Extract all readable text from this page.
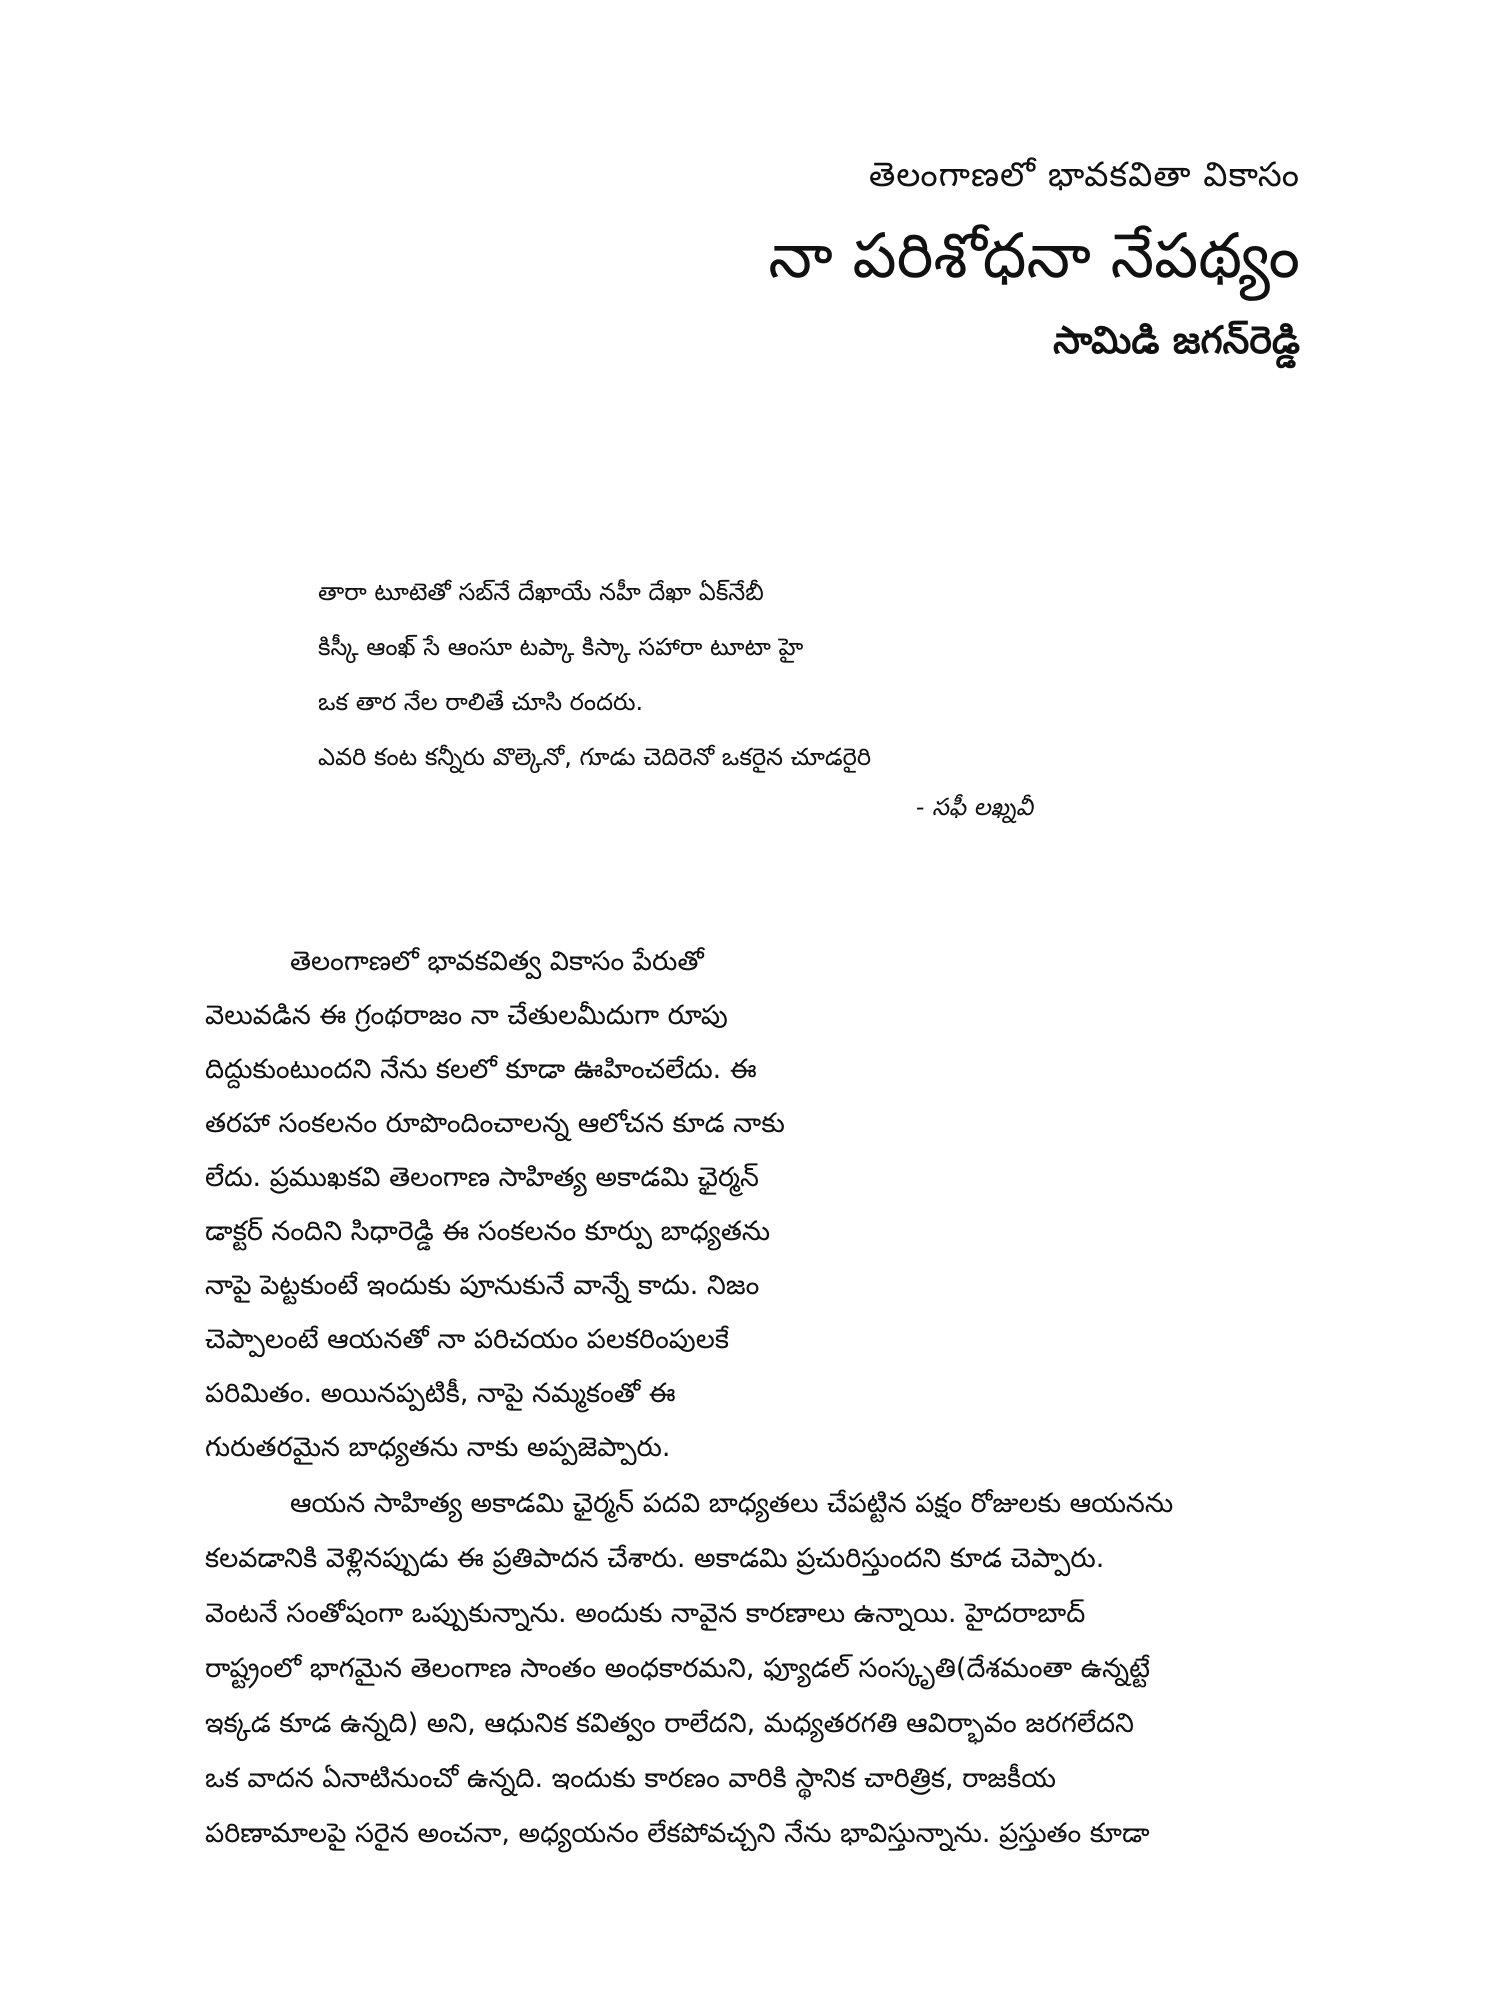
తెలంగాణలో భావకవితా వికాసం
నా పరిశోధనా నేపథ్యం
సామిడి జగన్‌రెడ్డి
తారా టూటెతో సబ్‌నే దేఖాయే నహీ దేఖా ఏక్‌నేబీ
కిస్కీ ఆంఖ్ సే ఆంసూ టప్కా కిస్కా సహారా టూటా హై
ఒక తార నేల రాలితే చూసి రందరు.
ఎవరి కంట కన్నీరు వొల్కెనో, గూడు చెదిరెనో ఒకరైన చూడరైరి
- సఫీ లఖ్నవీ
తెలంగాణలో భావకవిత్వ వికాసం పేరుతో
వెలువడిన ఈ గ్రంథరాజం నా చేతులమీదుగా రూపు
దిద్దుకుంటుందని నేను కలలో కూడా ఊహించలేదు. ఈ
తరహా సంకలనం రూపొందించాలన్న ఆలోచన కూడ నాకు
లేదు. ప్రముఖకవి తెలంగాణ సాహిత్య అకాడమి ఛైర్మన్
డాక్టర్ నందిని సిధారెడ్డి ఈ సంకలనం కూర్పు బాధ్యతను
నాపై పెట్టకుంటే ఇందుకు పూనుకునే వాన్నే కాదు. నిజం
చెప్పాలంటే ఆయనతో నా పరిచయం పలకరింపులకే
పరిమితం. అయినప్పటికీ, నాపై నమ్మకంతో ఈ
గురుతరమైన బాధ్యతను నాకు అప్పజెప్పారు.
ఆయన సాహిత్య అకాడమి ఛైర్మన్ పదవి బాధ్యతలు చేపట్టిన పక్షం రోజులకు ఆయనను
కలవడానికి వెళ్లినప్పుడు ఈ ప్రతిపాదన చేశారు. అకాడమి ప్రచురిస్తుందని కూడ చెప్పారు.
వెంటనే సంతోషంగా ఒప్పుకున్నాను. అందుకు నావైన కారణాలు ఉన్నాయి. హైదరాబాద్
రాష్ట్రంలో భాగమైన తెలంగాణ సాంతం అంధకారమని, ఫ్యూడల్ సంస్కృతి(దేశమంతా ఉన్నట్టే
ఇక్కడ కూడ ఉన్నది) అని, ఆధునిక కవిత్వం రాలేదని, మధ్యతరగతి ఆవిర్భావం జరగలేదని
ఒక వాదన ఏనాటినుంచో ఉన్నది. ఇందుకు కారణం వారికి స్థానిక చారిత్రిక, రాజకీయ
పరిణామాలపై సరైన అంచనా, అధ్యయనం లేకపోవచ్చని నేను భావిస్తున్నాను. ప్రస్తుతం కూడా
